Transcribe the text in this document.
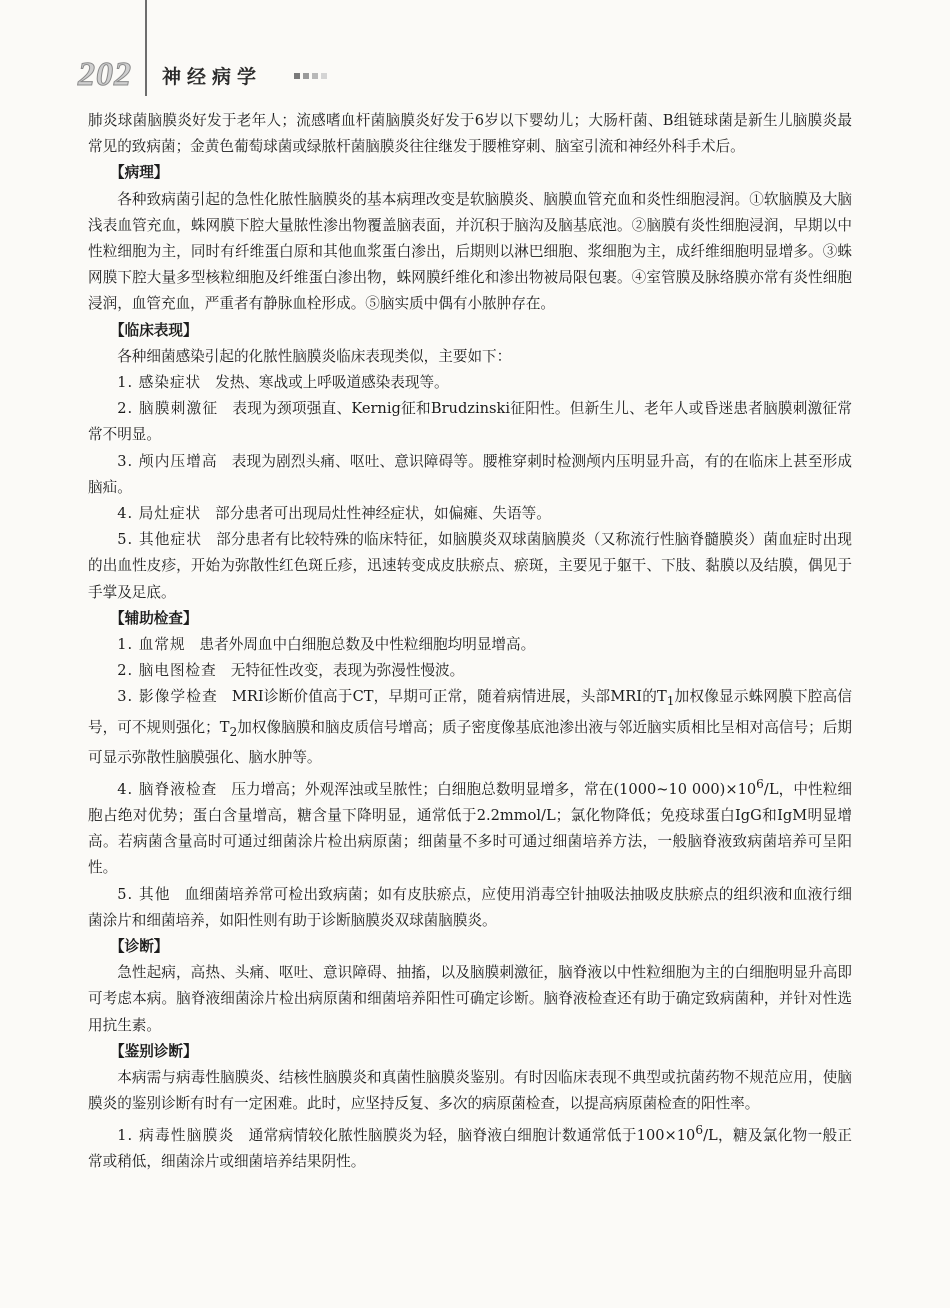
202 神经病学

肺炎球菌脑膜炎好发于老年人；流感嗜血杆菌脑膜炎好发于6岁以下婴幼儿；大肠杆菌、B组链球菌是新生儿脑膜炎最常见的致病菌；金黄色葡萄球菌或绿脓杆菌脑膜炎往往继发于腰椎穿刺、脑室引流和神经外科手术后。

【病理】

各种致病菌引起的急性化脓性脑膜炎的基本病理改变是软脑膜炎、脑膜血管充血和炎性细胞浸润。①软脑膜及大脑浅表血管充血，蛛网膜下腔大量脓性渗出物覆盖脑表面，并沉积于脑沟及脑基底池。②脑膜有炎性细胞浸润，早期以中性粒细胞为主，同时有纤维蛋白原和其他血浆蛋白渗出，后期则以淋巴细胞、浆细胞为主，成纤维细胞明显增多。③蛛网膜下腔大量多型核粒细胞及纤维蛋白渗出物，蛛网膜纤维化和渗出物被局限包裹。④室管膜及脉络膜亦常有炎性细胞浸润，血管充血，严重者有静脉血栓形成。⑤脑实质中偶有小脓肿存在。

【临床表现】

各种细菌感染引起的化脓性脑膜炎临床表现类似，主要如下：

1. 感染症状 发热、寒战或上呼吸道感染表现等。

2. 脑膜刺激征 表现为颈项强直、Kernig征和Brudzinski征阳性。但新生儿、老年人或昏迷患者脑膜刺激征常常不明显。

3. 颅内压增高 表现为剧烈头痛、呕吐、意识障碍等。腰椎穿刺时检测颅内压明显升高，有的在临床上甚至形成脑疝。

4. 局灶症状 部分患者可出现局灶性神经症状，如偏瘫、失语等。

5. 其他症状 部分患者有比较特殊的临床特征，如脑膜炎双球菌脑膜炎（又称流行性脑脊髓膜炎）菌血症时出现的出血性皮疹，开始为弥散性红色斑丘疹，迅速转变成皮肤瘀点、瘀斑，主要见于躯干、下肢、黏膜以及结膜，偶见于手掌及足底。

【辅助检查】

1. 血常规 患者外周血中白细胞总数及中性粒细胞均明显增高。

2. 脑电图检查 无特征性改变，表现为弥漫性慢波。

3. 影像学检查 MRI诊断价值高于CT，早期可正常，随着病情进展，头部MRI的$T_1$加权像显示蛛网膜下腔高信号，可不规则强化；$T_2$加权像脑膜和脑皮质信号增高；质子密度像基底池渗出液与邻近脑实质相比呈相对高信号；后期可显示弥散性脑膜强化、脑水肿等。

4. 脑脊液检查 压力增高；外观浑浊或呈脓性；白细胞总数明显增多，常在(1000~10 $000)\times 10^6/L$，中性粒细胞占绝对优势；蛋白含量增高，糖含量下降明显，通常低于2.2mmol/L；氯化物降低；免疫球蛋白IgG和IgM明显增高。若病菌含量高时可通过细菌涂片检出病原菌；细菌量不多时可通过细菌培养方法，一般脑脊液致病菌培养可呈阳性。

5. 其他 血细菌培养常可检出致病菌；如有皮肤瘀点，应使用消毒空针抽吸法抽吸皮肤瘀点的组织液和血液行细菌涂片和细菌培养，如阳性则有助于诊断脑膜炎双球菌脑膜炎。

【诊断】

急性起病，高热、头痛、呕吐、意识障碍、抽搐，以及脑膜刺激征，脑脊液以中性粒细胞为主的白细胞明显升高即可考虑本病。脑脊液细菌涂片检出病原菌和细菌培养阳性可确定诊断。脑脊液检查还有助于确定致病菌种，并针对性选用抗生素。

【鉴别诊断】

本病需与病毒性脑膜炎、结核性脑膜炎和真菌性脑膜炎鉴别。有时因临床表现不典型或抗菌药物不规范应用，使脑膜炎的鉴别诊断有时有一定困难。此时，应坚持反复、多次的病原菌检查，以提高病原菌检查的阳性率。

1. 病毒性脑膜炎 通常病情较化脓性脑膜炎为轻，脑脊液白细胞计数通常低于$100\times 10^6/L$，糖及氯化物一般正常或稍低，细菌涂片或细菌培养结果阴性。
